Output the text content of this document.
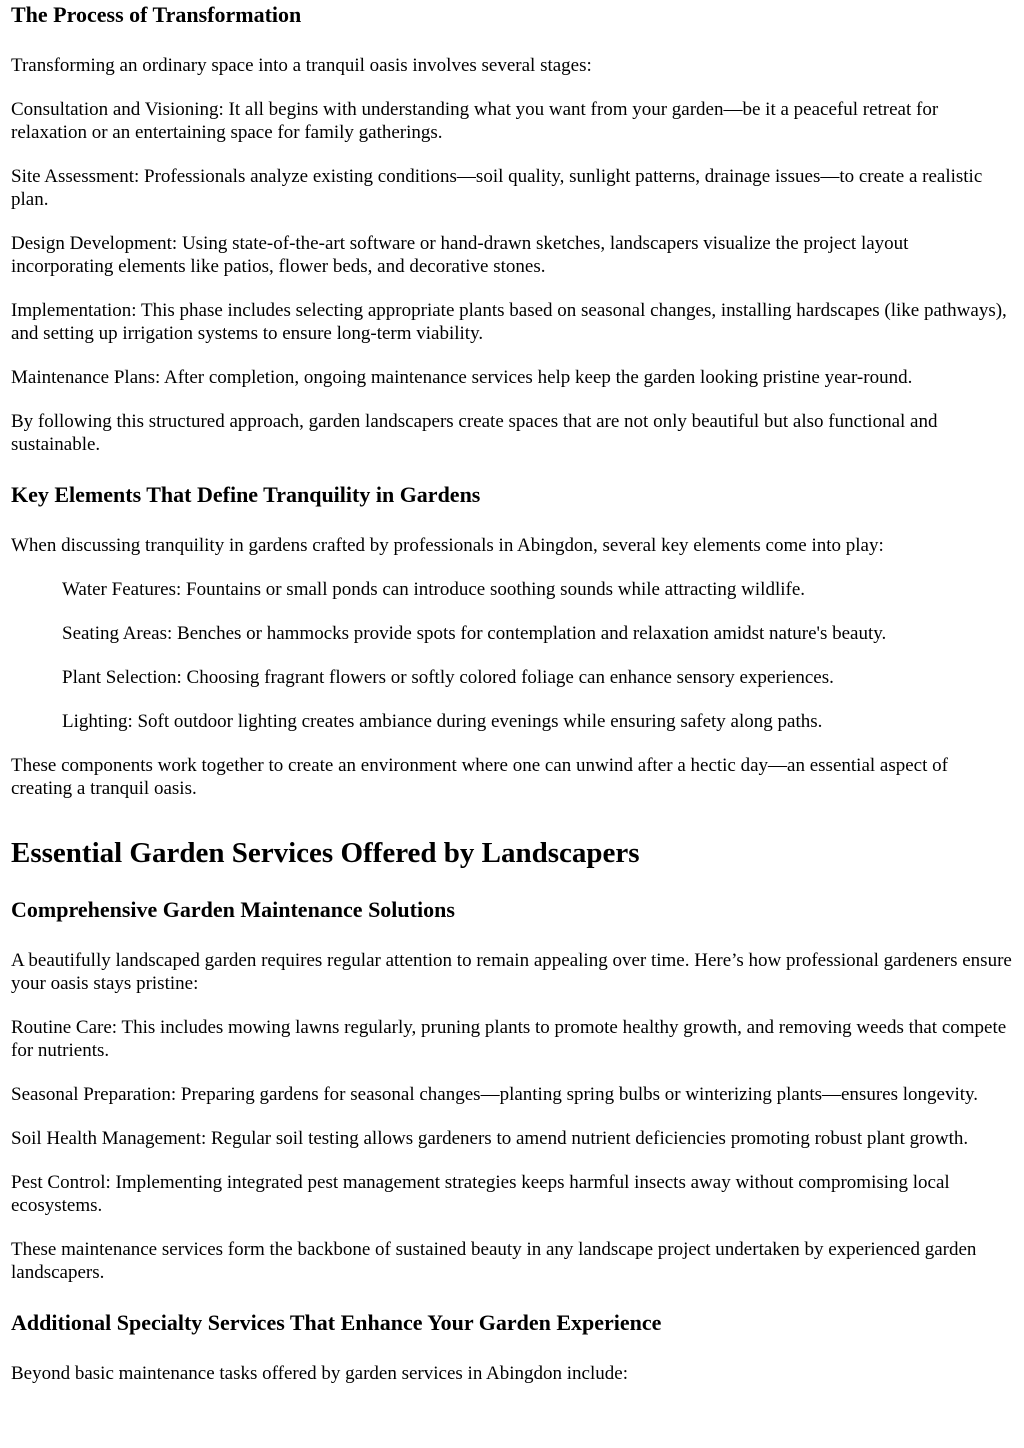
The Process of Transformation

Transforming an ordinary space into a tranquil oasis involves several stages:

Consultation and Visioning: It all begins with understanding what you want from your garden—be it a peaceful retreat for relaxation or an entertaining space for family gatherings.

Site Assessment: Professionals analyze existing conditions—soil quality, sunlight patterns, drainage issues—to create a realistic plan.

Design Development: Using state-of-the-art software or hand-drawn sketches, landscapers visualize the project layout incorporating elements like patios, flower beds, and decorative stones.

Implementation: This phase includes selecting appropriate plants based on seasonal changes, installing hardscapes (like pathways), and setting up irrigation systems to ensure long-term viability.

Maintenance Plans: After completion, ongoing maintenance services help keep the garden looking pristine year-round.

By following this structured approach, garden landscapers create spaces that are not only beautiful but also functional and sustainable.

Key Elements That Define Tranquility in Gardens

When discussing tranquility in gardens crafted by professionals in Abingdon, several key elements come into play:

Water Features: Fountains or small ponds can introduce soothing sounds while attracting wildlife.

Seating Areas: Benches or hammocks provide spots for contemplation and relaxation amidst nature's beauty.

Plant Selection: Choosing fragrant flowers or softly colored foliage can enhance sensory experiences.

Lighting: Soft outdoor lighting creates ambiance during evenings while ensuring safety along paths.

These components work together to create an environment where one can unwind after a hectic day—an essential aspect of creating a tranquil oasis.

Essential Garden Services Offered by Landscapers
Comprehensive Garden Maintenance Solutions

A beautifully landscaped garden requires regular attention to remain appealing over time. Here’s how professional gardeners ensure your oasis stays pristine:

Routine Care: This includes mowing lawns regularly, pruning plants to promote healthy growth, and removing weeds that compete for nutrients.

Seasonal Preparation: Preparing gardens for seasonal changes—planting spring bulbs or winterizing plants—ensures longevity.

Soil Health Management: Regular soil testing allows gardeners to amend nutrient deficiencies promoting robust plant growth.

Pest Control: Implementing integrated pest management strategies keeps harmful insects away without compromising local ecosystems.

These maintenance services form the backbone of sustained beauty in any landscape project undertaken by experienced garden landscapers.

Additional Specialty Services That Enhance Your Garden Experience

Beyond basic maintenance tasks offered by garden services in Abingdon include:
